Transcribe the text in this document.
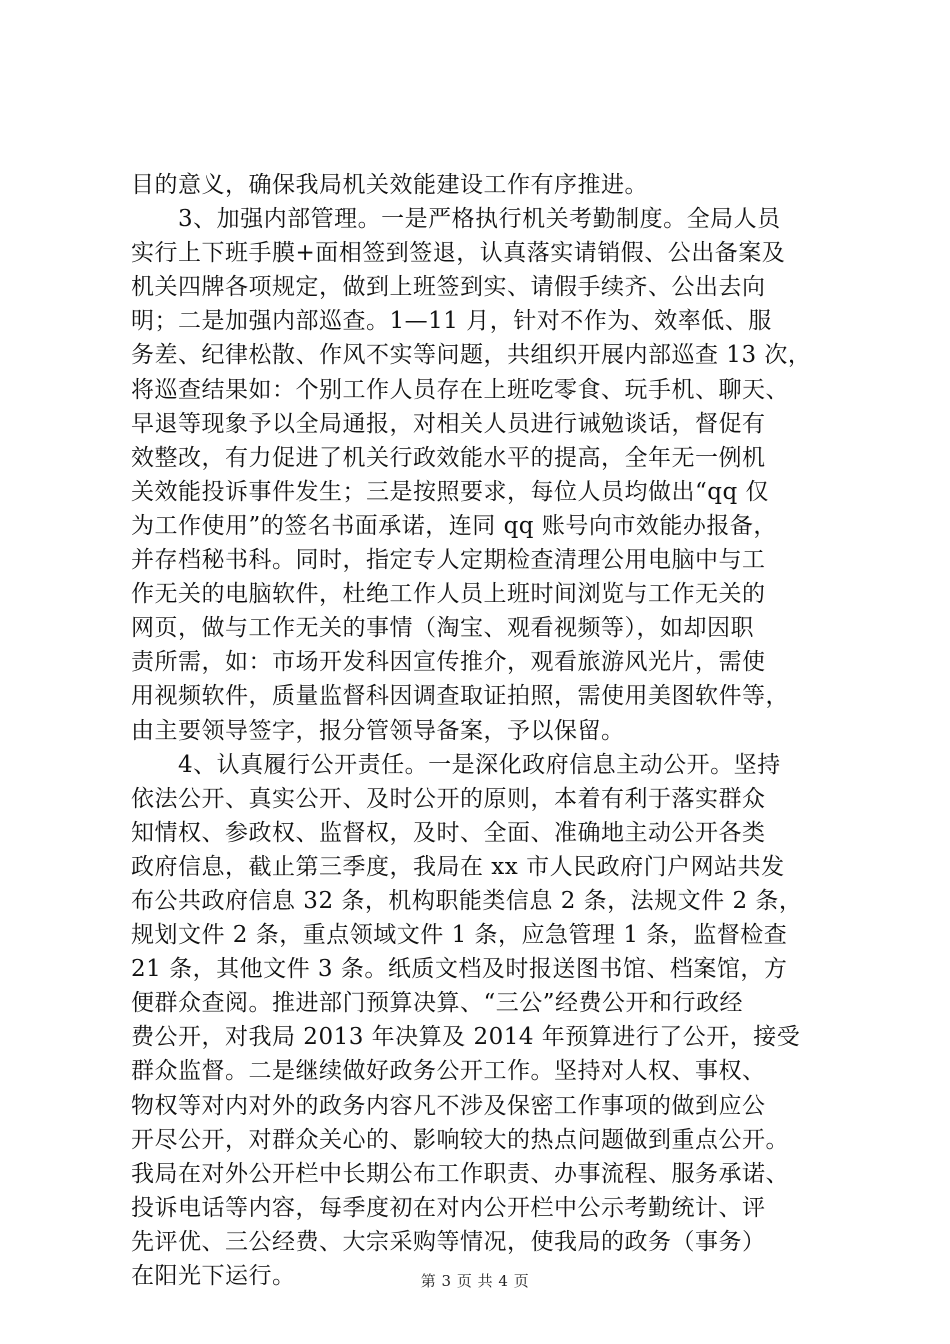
目的意义，确保我局机关效能建设工作有序推进。
　　3、加强内部管理。一是严格执行机关考勤制度。全局人员
实行上下班手膜+面相签到签退，认真落实请销假、公出备案及
机关四牌各项规定，做到上班签到实、请假手续齐、公出去向
明；二是加强内部巡查。1—11 月，针对不作为、效率低、服
务差、纪律松散、作风不实等问题，共组织开展内部巡查 13 次，
将巡查结果如：个别工作人员存在上班吃零食、玩手机、聊天、
早退等现象予以全局通报，对相关人员进行诫勉谈话，督促有
效整改，有力促进了机关行政效能水平的提高，全年无一例机
关效能投诉事件发生；三是按照要求，每位人员均做出“qq 仅
为工作使用”的签名书面承诺，连同 qq 账号向市效能办报备，
并存档秘书科。同时，指定专人定期检查清理公用电脑中与工
作无关的电脑软件，杜绝工作人员上班时间浏览与工作无关的
网页，做与工作无关的事情（淘宝、观看视频等），如却因职
责所需，如：市场开发科因宣传推介，观看旅游风光片，需使
用视频软件，质量监督科因调查取证拍照，需使用美图软件等，
由主要领导签字，报分管领导备案，予以保留。
　　4、认真履行公开责任。一是深化政府信息主动公开。坚持
依法公开、真实公开、及时公开的原则，本着有利于落实群众
知情权、参政权、监督权，及时、全面、准确地主动公开各类
政府信息，截止第三季度，我局在 xx 市人民政府门户网站共发
布公共政府信息 32 条，机构职能类信息 2 条，法规文件 2 条，
规划文件 2 条，重点领域文件 1 条，应急管理 1 条，监督检查
21 条，其他文件 3 条。纸质文档及时报送图书馆、档案馆，方
便群众查阅。推进部门预算决算、“三公”经费公开和行政经
费公开，对我局 2013 年决算及 2014 年预算进行了公开，接受
群众监督。二是继续做好政务公开工作。坚持对人权、事权、
物权等对内对外的政务内容凡不涉及保密工作事项的做到应公
开尽公开，对群众关心的、影响较大的热点问题做到重点公开。
我局在对外公开栏中长期公布工作职责、办事流程、服务承诺、
投诉电话等内容，每季度初在对内公开栏中公示考勤统计、评
先评优、三公经费、大宗采购等情况，使我局的政务（事务）
在阳光下运行。	第 3 页 共 4 页
